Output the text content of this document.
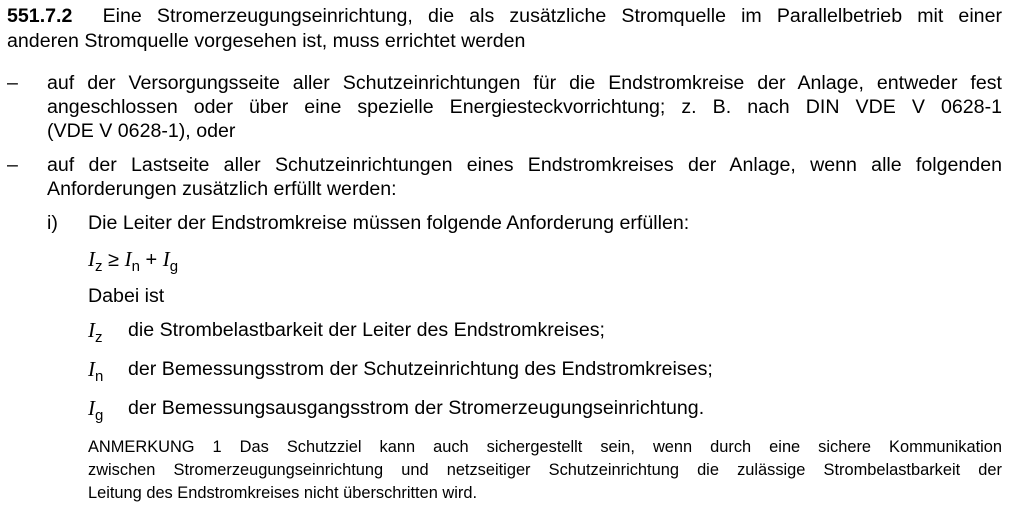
551.7.2 Eine Stromerzeugungseinrichtung, die als zusätzliche Stromquelle im Parallelbetrieb mit einer
anderen Stromquelle vorgesehen ist, muss errichtet werden
– auf der Versorgungsseite aller Schutzeinrichtungen für die Endstromkreise der Anlage, entweder fest
angeschlossen oder über eine spezielle Energiesteckvorrichtung; z. B. nach DIN VDE V 0628-1
(VDE V 0628-1), oder
– auf der Lastseite aller Schutzeinrichtungen eines Endstromkreises der Anlage, wenn alle folgenden
Anforderungen zusätzlich erfüllt werden:
i) Die Leiter der Endstromkreise müssen folgende Anforderung erfüllen:
$I_z \ge I_n + I_g$
Dabei ist
$I_z$ die Strombelastbarkeit der Leiter des Endstromkreises;
$I_n$ der Bemessungsstrom der Schutzeinrichtung des Endstromkreises;
$I_g$ der Bemessungsausgangsstrom der Stromerzeugungseinrichtung.
ANMERKUNG 1 Das Schutzziel kann auch sichergestellt sein, wenn durch eine sichere Kommunikation
zwischen Stromerzeugungseinrichtung und netzseitiger Schutzeinrichtung die zulässige Strombelastbarkeit der
Leitung des Endstromkreises nicht überschritten wird.
